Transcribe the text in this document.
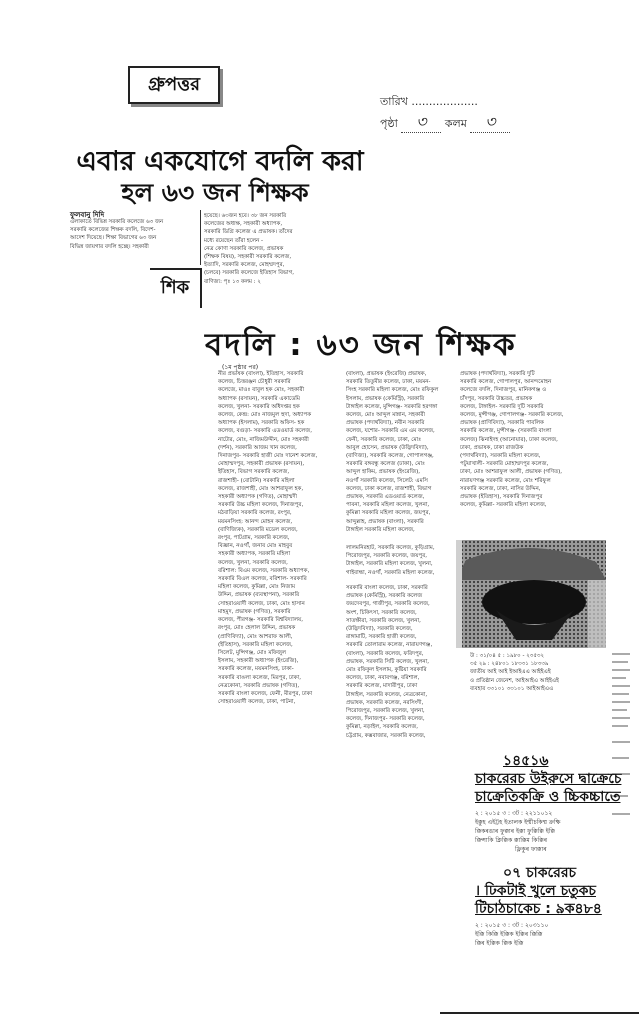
গ্রুপত্তর
তারিখ ...................
পৃষ্ঠা ৩ কলম ৩
এবার একযোগে বদলি করা
হল ৬৩ জন শিক্ষক
ফুলবানু দিদি
এলাকাতে বিভিন্ন সরকারি কলেজে ৬৩ জন
সরকারি কলেজের শিক্ষক বদলি, বিদেশ-
আদেশ দিয়েছে। শিক্ষা বিভাগের ৬৩ জন
বিভিন্ন জায়গার বদলি হচ্ছে। সহকারী
হয়েছে। ৬৩জন হবে। ৩৮ জন সরকারি
কলেজের অধ্যক্ষ, সহকারী অধ্যাপক,
সরকারি ডিগ্রি কলেজ এ প্রভাষক। তাঁদের
মধ্যে রয়েছেন তাঁরা হলেন -
নেত্র কোণা সরকারি কলেজ, প্রভাষক
(শিক্ষক বিষয়), সহকারী সরকারি কলেজ,
ইত্যাদি, সরকারি কলেজ, মোহম্মদপুর,
(চলবে) সরকারি কলেজে ইতিহাস বিভাগ,
বাণিজ্য: পৃঃ ১৩ কলম : ২
শিক
বদলি : ৬৩ জন শিক্ষক
(১ম পৃষ্ঠার পর)
নীর প্রভাষক (বাংলা), ইতিহাস, সরকারি
কলেজ, চিত্তরঞ্জন চৌধুরী সরকারি
কলেজে, মাওঃ বাবুল হক মোঃ, সহকারী
অধ্যাপক (রসায়ন), সরকারি একাডেমি
কলেজ, খুলনা- সরকারি অধিদপ্তর হক
কলেজ, কেন্দ্র: মোঃ নাজমুল হুদা, অধ্যাপক
অধ্যাপক (ইসলাম), সরকারি অফিস- হক
কলেজ, বগুড়া- সরকারি এডওয়ার্ড কলেজ,
নাটোর, মোঃ, নাজিমউদ্দীন, মোঃ সহকারী
(দর্শন), সরকারি আজম খান কলেজ,
দিনাজপুর- সরকারি হাজী মোঃ দানেশ কলেজ,
মোহাম্মদপুর, সহকারী প্রভাষক (রসায়ন),
ইতিহাস, বিভাগ সরকারি কলেজ,
রাজশাহী- (বোটানি) সরকারি মহিলা
কলেজ, রাজশাহী, মোঃ আশরাফুল হক,
সহকারী অধ্যাপক (গণিত), মোহাম্মদী
সরকারি উচ্চ মহিলা কলেজ, দিনাজপুর,
মঠবাড়িয়া সরকারি কলেজ, রংপুর,
ময়মনসিংহ: আনন্দ মোহন কলেজ,
(বাণিজ্যিক), সরকারি মডেল কলেজ,
রংপুর, পাটগ্রাম, সরকারি কলেজ,
বিজ্ঞান, নওগাঁ, জনাব মোঃ মাহবুব
সহকারী অধ্যাপক, সরকারি মহিলা
কলেজ, খুলনা, সরকারি কলেজ,
বরিশাল: বিএম কলেজ, সরকারি অধ্যাপক,
সরকারি বিএল কলেজ, বরিশাল- সরকারি
মহিলা কলেজ, কুমিল্লা, মোঃ নিজাম
উদ্দিন, প্রভাষক (ব্যবস্থাপনা), সরকারি
সোহরাওয়ার্দী কলেজ, ঢাকা, মোঃ হাসান
মাহমুদ, প্রভাষক (গণিত), সরকারি
কলেজ, পীরগঞ্জ- সরকারি বিশ্ববিদ্যালয়,
রংপুর, মোঃ হেলাল উদ্দিন, প্রভাষক
(প্রাণিবিদ্যা), মোঃ আশরাফ আলী,
(ইতিহাস), সরকারি মহিলা কলেজ,
সিলেট, মুন্সিগঞ্জ, মোঃ মফিজুল
ইসলাম, সহকারী অধ্যাপক (ইংরেজি),
সরকারি কলেজ, ময়মনসিংহ, ঢাকা-
সরকারি বাঙলা কলেজ, মিরপুর, ঢাকা,
নেত্রকোনা, সরকারি প্রভাষক (গণিত),
সরকারি বাংলা কলেজ, ফেনী, মীরপুর, ঢাকা
সোহরাওয়ার্দী কলেজ, ঢাকা, পাটনা,
(বাংলা), প্রভাষক (ইংরেজি) প্রভাষক,
সরকারি তিতুমীর কলেজ, ঢাকা, ময়মন-
সিংহ সরকারি মহিলা কলেজ, মোঃ রফিকুল
ইসলাম, প্রভাষক (কেমিস্ট্রি), সরকারি
টাঙ্গাইল কলেজ, মুন্সিগঞ্জ- সরকারি হরগঙ্গা
কলেজ, মোঃ আব্দুল মান্নান, সহকারী
প্রভাষক (পদার্থবিদ্যা), নবীন সরকারি
কলেজ, যশোর- সরকারি এম এম কলেজ,
ফেনী, সরকারি কলেজ, ঢাকা, মোঃ
আবুল হোসেন, প্রভাষক (উদ্ভিদবিদ্যা),
(বাণিজ্য), সরকারি কলেজ, গোপালগঞ্জ,
সরকারি বঙ্গবন্ধু কলেজ (ঢাকা), মোঃ
আব্দুল হাকিম, প্রভাষক (ইংরেজি),
নওগাঁ সরকারি কলেজ, সিলেট: এমসি
কলেজ, ঢাকা কলেজ, রাজশাহী, বিভাগ
প্রভাষক, সরকারি এডওয়ার্ড কলেজ,
পাবনা, সরকারি মহিলা কলেজ, খুলনা,
কুমিল্লা সরকারি মহিলা কলেজ, জয়পুর,
আব্দুল্লাহ, প্রভাষক (বাংলা), সরকারি
টাঙ্গাইল সরকারি মহিলা কলেজ,
সরকারি বাংলা কলেজ, ঢাকা, সরকারি
প্রভাষক (কেমিস্ট্রি), সরকারি কলেজ
জয়দেবপুর, গাজীপুর, সরকারি কলেজ,
অংশ, চিকিৎসা, সরকারি কলেজ,
সাতক্ষীরা, সরকারি কলেজ, খুলনা,
(উদ্ভিদবিদ্যা), সরকারি কলেজ,
রাঙ্গামাটি, সরকারি হাজী কলেজ,
সরকারি তোলারাম কলেজ, নারায়ণগঞ্জ,
(বাংলা), সরকারি কলেজ, ফরিদপুর,
প্রভাষক, সরকারি সিটি কলেজ, খুলনা,
মোঃ রফিকুল ইসলাম, কুষ্টিয়া সরকারি
কলেজ, ঢাকা, নবাবগঞ্জ, বরিশাল,
সরকারি কলেজ, মাদারীপুর, ঢাকা
টাঙ্গাইল, সরকারি কলেজ, নেত্রকোনা,
প্রভাষক, সরকারি কলেজ, নরসিংদী,
পিরোজপুর, সরকারি কলেজ, খুলনা,
কলেজ, দিনাজপুর- সরকারি কলেজ,
কুমিল্লা, নড়াইল, সরকারি কলেজ,
চট্টগ্রাম, কক্সবাজার, সরকারি কলেজ,
প্রভাষক (পদার্থবিদ্যা), সরকারি দুটি
সরকারি কলেজ, গোপালপুর, আনন্দমোহন
কলেজে বদলি, দিনাজপুর, মানিকগঞ্জ ও
চাঁদপুর, সরকারি উচ্চতর, প্রভাষক
কলেজ, টাঙ্গাইল- সরকারি দুটি সরকারি
কলেজ, মুন্সীগঞ্জ, গোপালগঞ্জ- সরকারি কলেজ,
প্রভাষক (প্রাণিবিদ্যা), সরকারি পাবলিক
সরকারি কলেজ, মুন্সীগঞ্জ- (সরকারি বাংলা
কলেজ) ঝিনাইদহ (আনোয়ার), ঢাকা কলেজ,
ঢাকা, প্রভাষক, ঢাকা রাজউক
(পদার্থবিদ্যা), সরকারি মহিলা কলেজ,
পটুয়াখালী- সরকারি মোহাম্মদপুর কলেজ,
ঢাকা, মোঃ আশরাফুল আলী, প্রভাষক (গণিত),
নারায়ণগঞ্জ সরকারি কলেজ, মোঃ শরিফুল
সরকারি কলেজ, ঢাকা, নাসির উদ্দিন,
প্রভাষক (ইতিহাস), সরকারি দিনাজপুর
কলেজ, কুমিল্লা- সরকারি মহিলা কলেজ,
লালমনিরহাট, সরকারি কলেজ, কুড়িগ্রাম,
পিরোজপুর, সরকারি কলেজ, জয়পুর,
টাঙ্গাইল, সরকারি মহিলা কলেজ, খুলনা,
গাইবান্ধা, নওগাঁ, সরকারি মহিলা কলেজ,
উ : ৩১/০৪ ৫ : ১৯৮০ - ২৩৫৩২
৩৫ ২৯ : ২৪৮০১ ১৮৩৩১ ১৮৩৩৯
জাতীয় আই আই ইআইএএ আইইএই
ও প্রতিষ্ঠান জেনেশ, আইআইএ আইইএই
ব্যবহার ৩৩১০১ ৩৩১০১ আইআইএএ
১৪৫১৬
চাকরেরচ উইরুসে দ্বাক্রেচে
চাক্রেতিকক্রি ও চ্চিকচ্চাতে
২ : ২০১৫ ৩ : ৩ট : ২২১১০১২
ইক্কুহ এইট্টহ ইতালক ইৰ্ম্মীচকিম্ম ক্ৰক্ষি
ক্কিকৰঙাৰ ফুক্কাৰ ইক্কা ফুক্কিক্কি ইক্কি
ক্কিন্সাকি ক্লিক্কিক ক্কাক্কিম কিক্কিৰ
ফ্লিকুৰ ফাক্কাৰ
০৭ চাকরেরচ
। ঢিকটাই খুলে চতুকচ
টিচাঠচাকেচ : ৯ক৪৮৪
২ : ২০১৫ ৩ : ৩ট : ২০৩১১০
ইক্কি কিক্কি ইক্কিক ইক্কিৰ ক্কিক্কি
ক্কিৰ ইক্কিক ক্কিক ইক্কি
